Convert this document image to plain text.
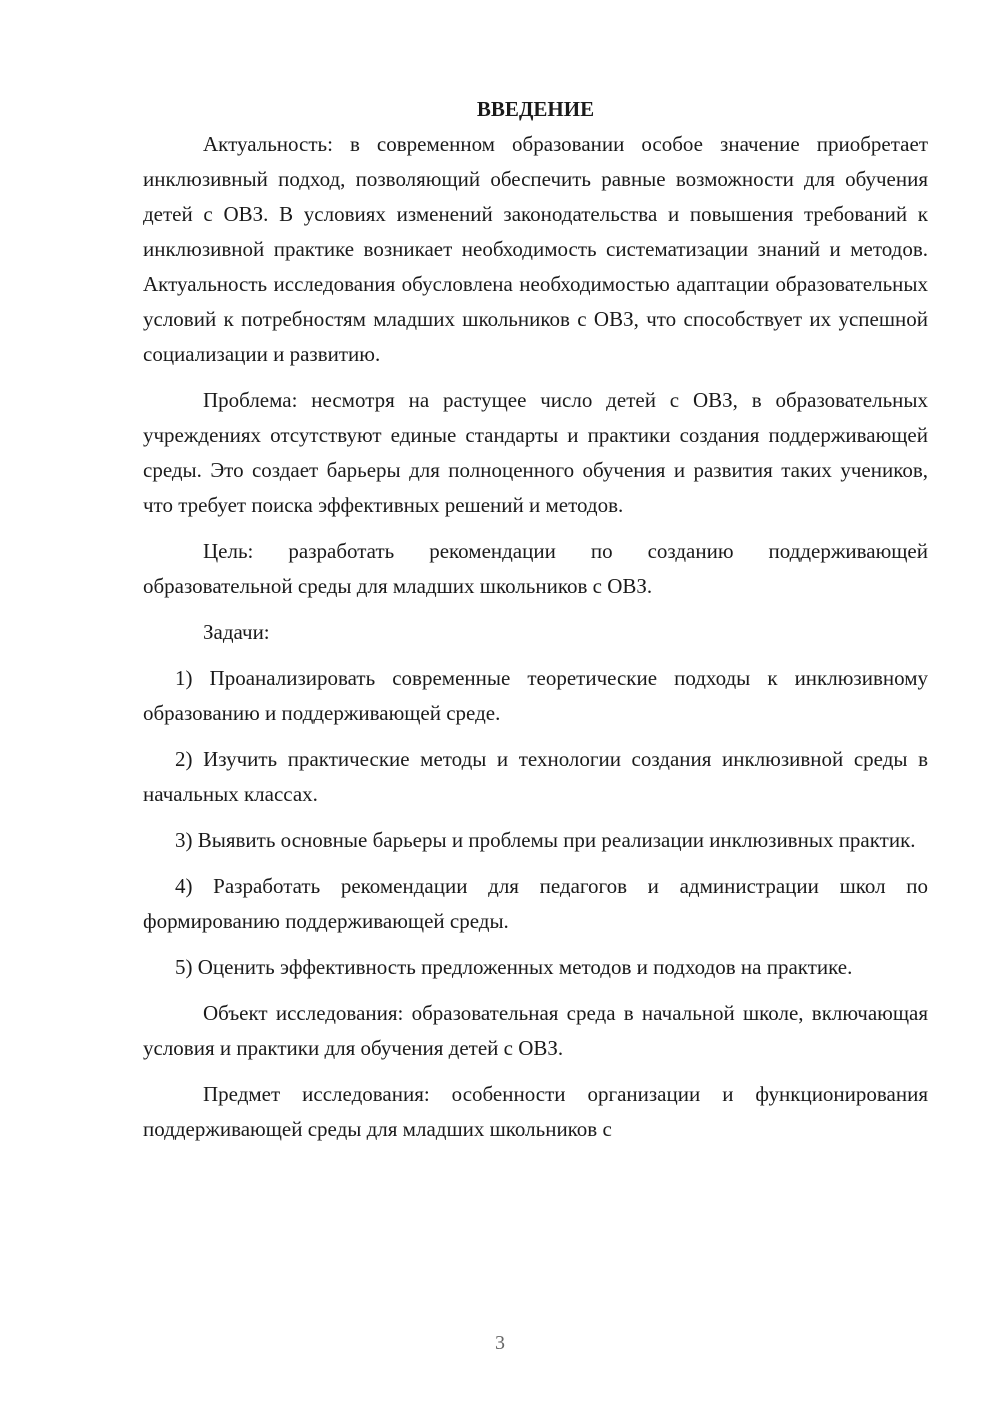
ВВЕДЕНИЕ

Актуальность: в современном образовании особое значение приобретает инклюзивный подход, позволяющий обеспечить равные возможности для обучения детей с ОВЗ. В условиях изменений законодательства и повышения требований к инклюзивной практике возникает необходимость систематизации знаний и методов. Актуальность исследования обусловлена необходимостью адаптации образовательных условий к потребностям младших школьников с ОВЗ, что способствует их успешной социализации и развитию.

Проблема: несмотря на растущее число детей с ОВЗ, в образовательных учреждениях отсутствуют единые стандарты и практики создания поддерживающей среды. Это создает барьеры для полноценного обучения и развития таких учеников, что требует поиска эффективных решений и методов.

Цель: разработать рекомендации по созданию поддерживающей образовательной среды для младших школьников с ОВЗ.

Задачи:

1) Проанализировать современные теоретические подходы к инклюзивному образованию и поддерживающей среде.

2) Изучить практические методы и технологии создания инклюзивной среды в начальных классах.

3) Выявить основные барьеры и проблемы при реализации инклюзивных практик.

4) Разработать рекомендации для педагогов и администрации школ по формированию поддерживающей среды.

5) Оценить эффективность предложенных методов и подходов на практике.

Объект исследования: образовательная среда в начальной школе, включающая условия и практики для обучения детей с ОВЗ.

Предмет исследования: особенности организации и функционирования поддерживающей среды для младших школьников с

3
